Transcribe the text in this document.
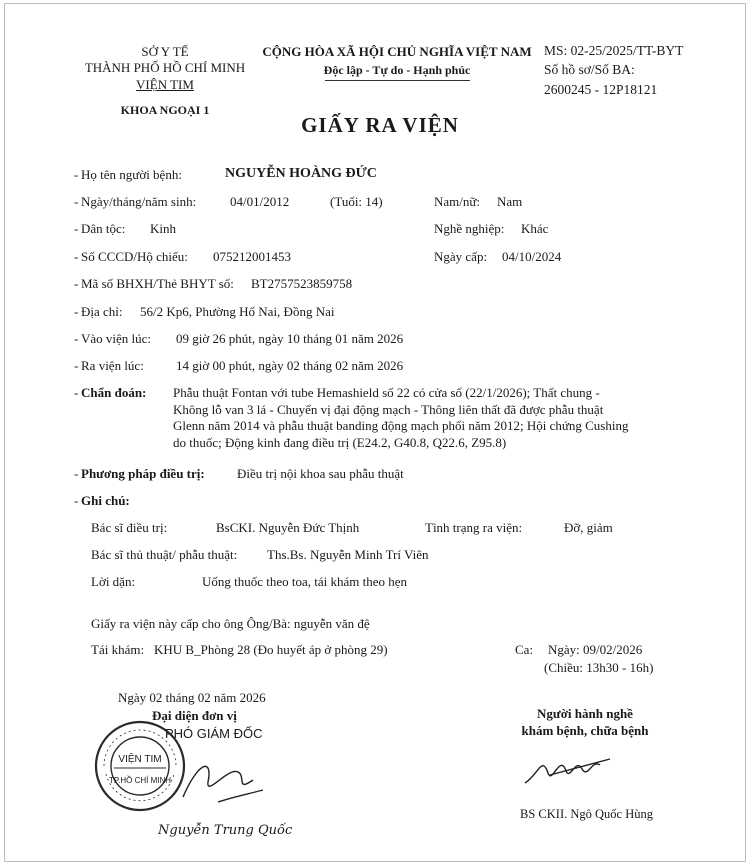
SỞ Y TẾ
THÀNH PHỐ HỒ CHÍ MINH
VIỆN TIM
KHOA NGOẠI 1
CỘNG HÒA XÃ HỘI CHỦ NGHĨA VIỆT NAM
Độc lập - Tự do - Hạnh phúc
MS: 02-25/2025/TT-BYT
Số hồ sơ/Số BA:
2600245 - 12P18121
GIẤY RA VIỆN
- Họ tên người bệnh:	NGUYỄN HOÀNG ĐỨC
- Ngày/tháng/năm sinh:	04/01/2012	(Tuổi: 14)	Nam/nữ: Nam
- Dân tộc: Kinh	Nghề nghiệp: Khác
- Số CCCD/Hộ chiếu: 075212001453	Ngày cấp: 04/10/2024
- Mã số BHXH/Thẻ BHYT số: BT2757523859758
- Địa chỉ: 56/2 Kp6, Phường Hố Nai, Đồng Nai
- Vào viện lúc: 09 giờ 26 phút, ngày 10 tháng 01 năm 2026
- Ra viện lúc: 14 giờ 00 phút, ngày 02 tháng 02 năm 2026
- Chẩn đoán: Phẫu thuật Fontan với tube Hemashield số 22 có cửa sổ (22/1/2026); Thất chung -
Không lỗ van 3 lá - Chuyển vị đại động mạch - Thông liên thất đã được phẫu thuật
Glenn năm 2014 và phẫu thuật banding động mạch phổi năm 2012; Hội chứng Cushing
do thuốc; Động kinh đang điều trị (E24.2, G40.8, Q22.6, Z95.8)
- Phương pháp điều trị: Điều trị nội khoa sau phẫu thuật
- Ghi chú:
Bác sĩ điều trị:	BsCKI. Nguyễn Đức Thịnh	Tình trạng ra viện:	Đỡ, giảm
Bác sĩ thủ thuật/ phẫu thuật: Ths.Bs. Nguyễn Minh Trí Viên
Lời dặn:	Uống thuốc theo toa, tái khám theo hẹn
Giấy ra viện này cấp cho ông Ông/Bà: nguyễn văn đệ
Tái khám: KHU B_Phòng 28 (Đo huyết áp ở phòng 29)	Ca: Ngày: 09/02/2026
(Chiều: 13h30 - 16h)
Ngày 02 tháng 02 năm 2026
Đại diện đơn vị
PHÓ GIÁM ĐỐC
VIỆN TIM
TP.HỒ CHÍ MINH
Nguyễn Trung Quốc
Người hành nghề
khám bệnh, chữa bệnh
BS CKII. Ngô Quốc Hùng
